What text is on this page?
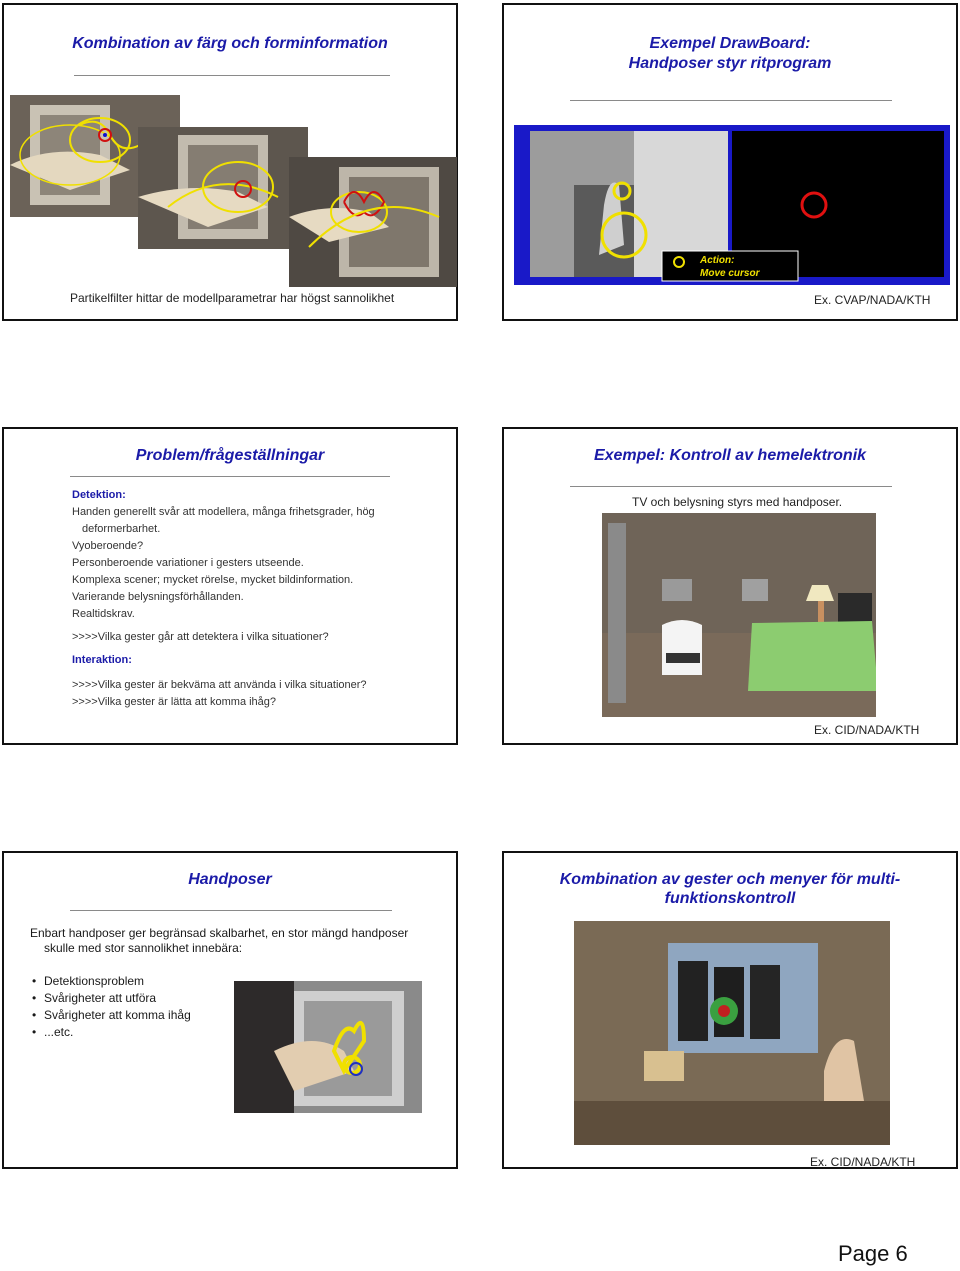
Kombination av färg och forminformation
Partikelfilter hittar de modellparametrar har högst sannolikhet
Exempel DrawBoard:
Handposer styr ritprogram
Action:
Move cursor
Ex. CVAP/NADA/KTH
Problem/frågeställningar
Detektion:
Handen generellt svår att modellera, många frihetsgrader, hög
deformerbarhet.
Vyoberoende?
Personberoende variationer i gesters utseende.
Komplexa scener; mycket rörelse, mycket bildinformation.
Varierande belysningsförhållanden.
Realtidskrav.
>>>>Vilka gester går att detektera i vilka situationer?
Interaktion:
>>>>Vilka gester är bekväma att använda i vilka situationer?
>>>>Vilka gester är lätta att komma ihåg?
Exempel: Kontroll av hemelektronik
TV och belysning styrs med handposer.
Ex. CID/NADA/KTH
Handposer
Enbart handposer ger begränsad skalbarhet, en stor mängd handposer
skulle med stor sannolikhet innebära:
• Detektionsproblem
• Svårigheter att utföra
• Svårigheter att komma ihåg
• ...etc.
Kombination av gester och menyer för multi-
funktionskontroll
Ex. CID/NADA/KTH
Page 6
